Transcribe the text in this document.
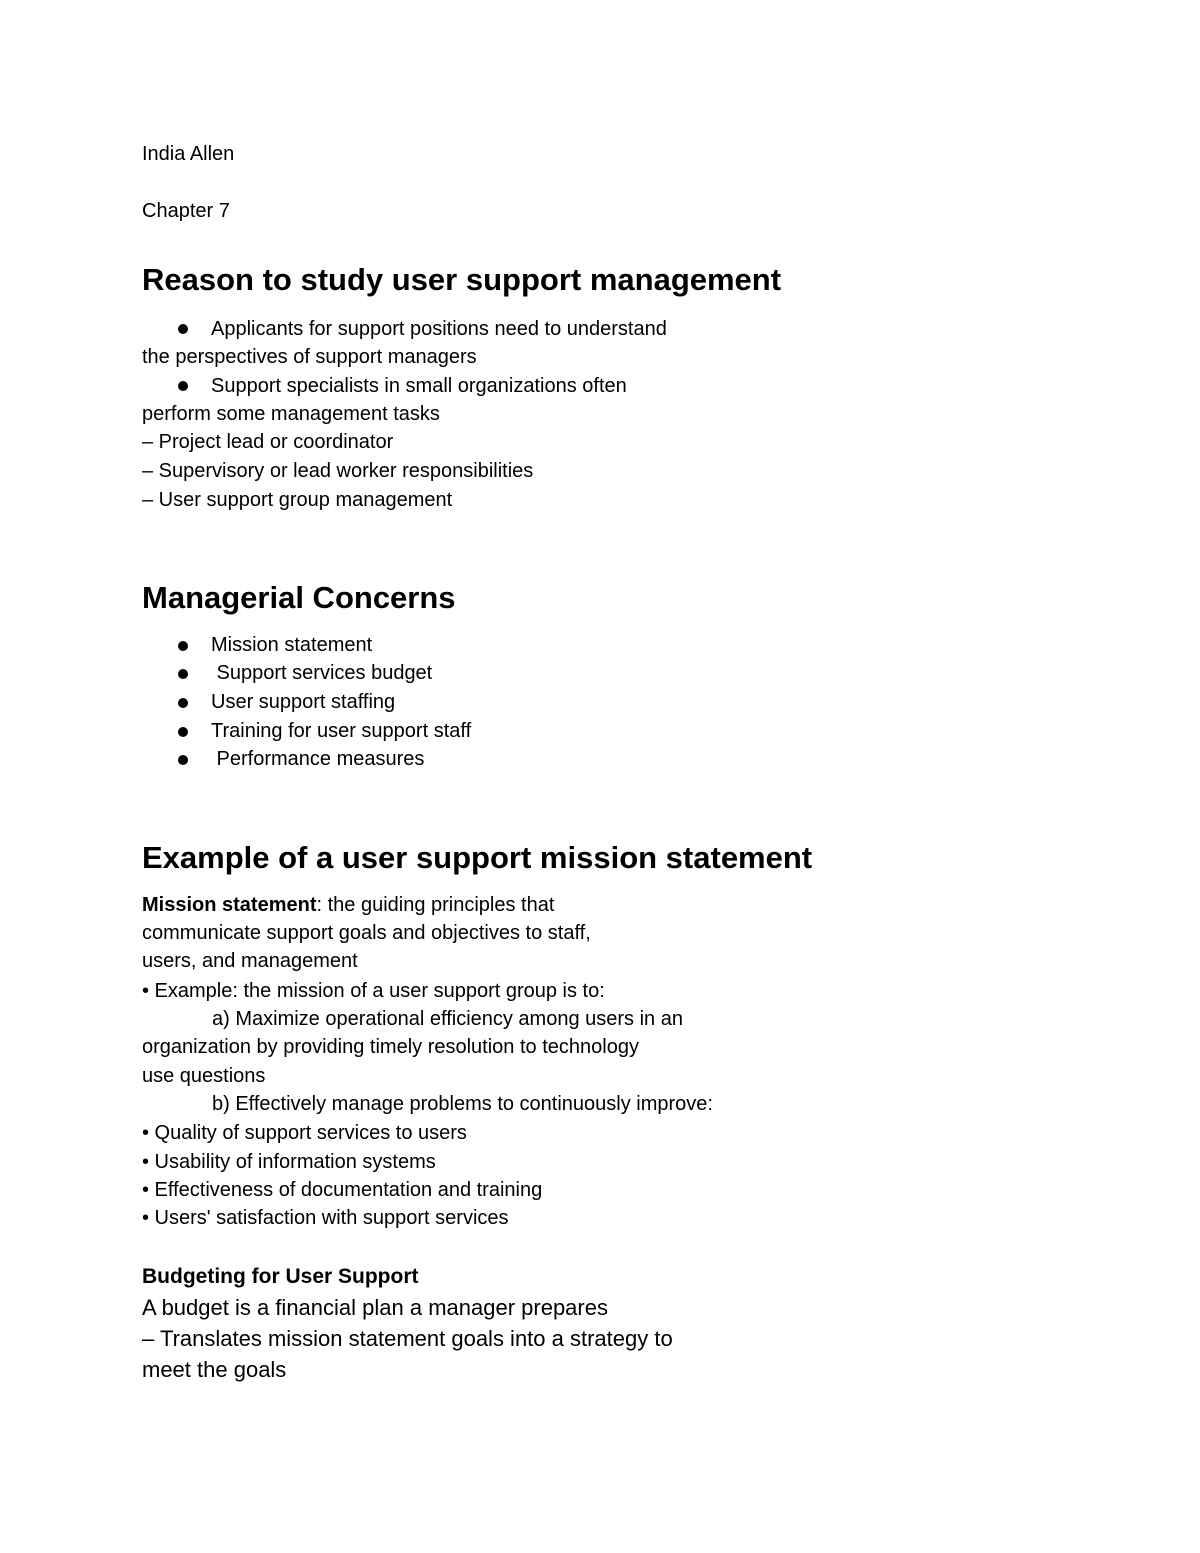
India Allen
Chapter 7
Reason to study user support management
Applicants for support positions need to understand
the perspectives of support managers
Support specialists in small organizations often
perform some management tasks
– Project lead or coordinator
– Supervisory or lead worker responsibilities
– User support group management
Managerial Concerns
Mission statement
Support services budget
User support staffing
Training for user support staff
Performance measures
Example of a user support mission statement
Mission statement: the guiding principles that
communicate support goals and objectives to staff,
users, and management
• Example: the mission of a user support group is to:
a) Maximize operational efficiency among users in an
organization by providing timely resolution to technology
use questions
b) Effectively manage problems to continuously improve:
• Quality of support services to users
• Usability of information systems
• Effectiveness of documentation and training
• Users' satisfaction with support services
Budgeting for User Support
A budget is a financial plan a manager prepares
– Translates mission statement goals into a strategy to
meet the goals
